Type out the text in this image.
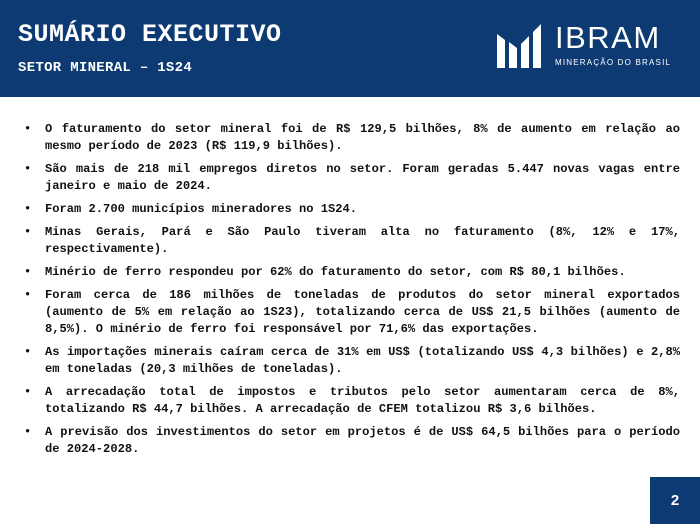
SUMÁRIO EXECUTIVO
SETOR MINERAL – 1S24
IBRAM
MINERAÇÃO DO BRASIL
• O faturamento do setor mineral foi de R$ 129,5 bilhões, 8% de aumento em relação ao mesmo período de 2023 (R$ 119,9 bilhões).
• São mais de 218 mil empregos diretos no setor. Foram geradas 5.447 novas vagas entre janeiro e maio de 2024.
• Foram 2.700 municípios mineradores no 1S24.
• Minas Gerais, Pará e São Paulo tiveram alta no faturamento (8%, 12% e 17%, respectivamente).
• Minério de ferro respondeu por 62% do faturamento do setor, com R$ 80,1 bilhões.
• Foram cerca de 186 milhões de toneladas de produtos do setor mineral exportados (aumento de 5% em relação ao 1S23), totalizando cerca de US$ 21,5 bilhões (aumento de 8,5%). O minério de ferro foi responsável por 71,6% das exportações.
• As importações minerais caíram cerca de 31% em US$ (totalizando US$ 4,3 bilhões) e 2,8% em toneladas (20,3 milhões de toneladas).
• A arrecadação total de impostos e tributos pelo setor aumentaram cerca de 8%, totalizando R$ 44,7 bilhões. A arrecadação de CFEM totalizou R$ 3,6 bilhões.
• A previsão dos investimentos do setor em projetos é de US$ 64,5 bilhões para o período de 2024-2028.
2
